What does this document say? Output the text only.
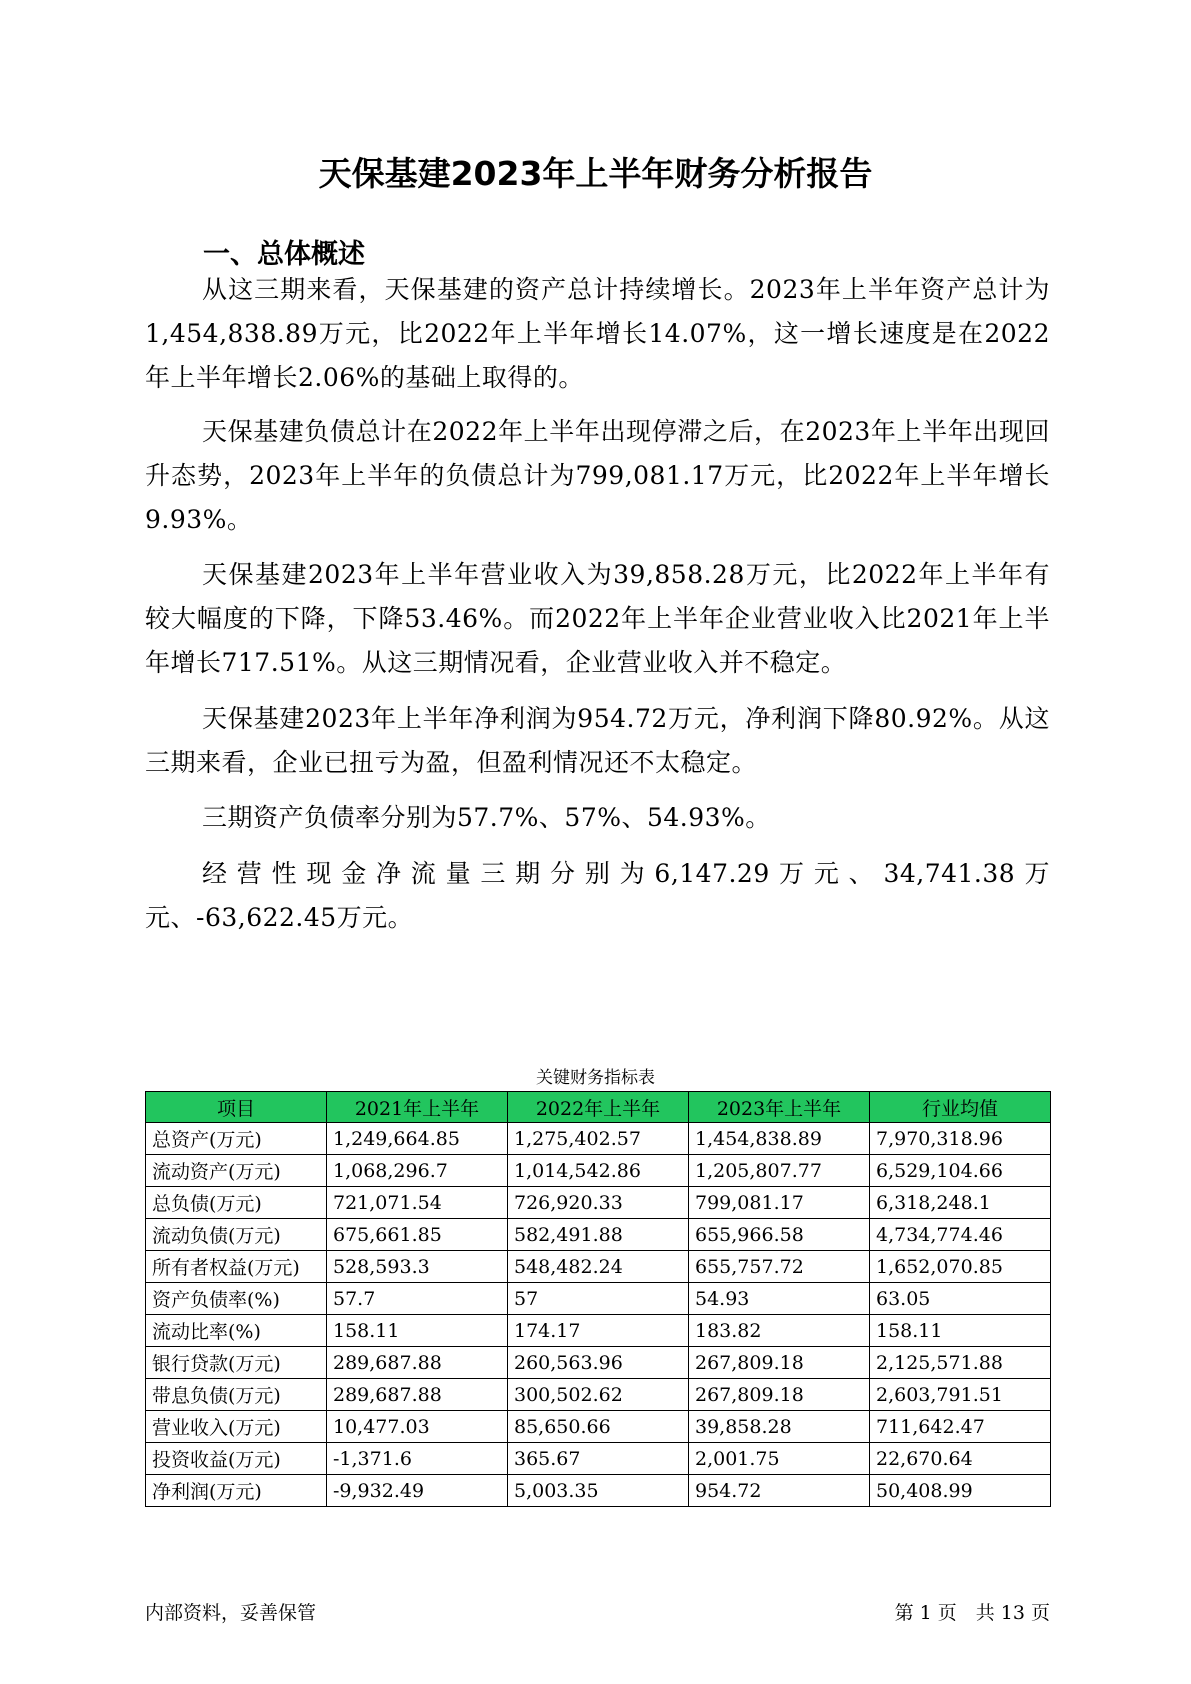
天保基建2023年上半年财务分析报告
一、总体概述
从这三期来看，天保基建的资产总计持续增长。2023年上半年资产总计为1,454,838.89万元，比2022年上半年增长14.07%，这一增长速度是在2022年上半年增长2.06%的基础上取得的。
天保基建负债总计在2022年上半年出现停滞之后，在2023年上半年出现回升态势，2023年上半年的负债总计为799,081.17万元，比2022年上半年增长9.93%。
天保基建2023年上半年营业收入为39,858.28万元，比2022年上半年有较大幅度的下降，下降53.46%。而2022年上半年企业营业收入比2021年上半年增长717.51%。从这三期情况看，企业营业收入并不稳定。
天保基建2023年上半年净利润为954.72万元，净利润下降80.92%。从这三期来看，企业已扭亏为盈，但盈利情况还不太稳定。
三期资产负债率分别为57.7%、57%、54.93%。
经营性现金净流量三期分别为6,147.29万元、34,741.38万元、-63,622.45万元。
关键财务指标表
项目	2021年上半年	2022年上半年	2023年上半年	行业均值
总资产(万元)	1,249,664.85	1,275,402.57	1,454,838.89	7,970,318.96
流动资产(万元)	1,068,296.7	1,014,542.86	1,205,807.77	6,529,104.66
总负债(万元)	721,071.54	726,920.33	799,081.17	6,318,248.1
流动负债(万元)	675,661.85	582,491.88	655,966.58	4,734,774.46
所有者权益(万元)	528,593.3	548,482.24	655,757.72	1,652,070.85
资产负债率(%)	57.7	57	54.93	63.05
流动比率(%)	158.11	174.17	183.82	158.11
银行贷款(万元)	289,687.88	260,563.96	267,809.18	2,125,571.88
带息负债(万元)	289,687.88	300,502.62	267,809.18	2,603,791.51
营业收入(万元)	10,477.03	85,650.66	39,858.28	711,642.47
投资收益(万元)	-1,371.6	365.67	2,001.75	22,670.64
净利润(万元)	-9,932.49	5,003.35	954.72	50,408.99
内部资料，妥善保管	第 1 页　共 13 页
